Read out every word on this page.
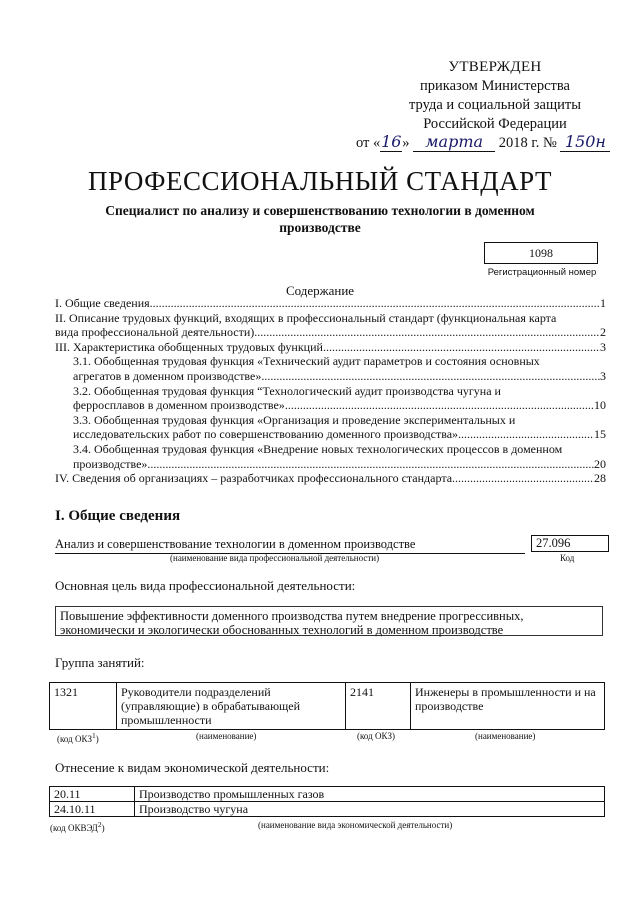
УТВЕРЖДЕН
приказом Министерства
труда и социальной защиты
Российской Федерации
от «16» марта 2018 г. № 150н
ПРОФЕССИОНАЛЬНЫЙ СТАНДАРТ
Специалист по анализу и совершенствованию технологии в доменном производстве
1098
Регистрационный номер
Содержание
I. Общие сведения .....	1
II. Описание трудовых функций, входящих в профессиональный стандарт (функциональная карта
вида профессиональной деятельности) .....	2
III. Характеристика обобщенных трудовых функций .....	3
3.1. Обобщенная трудовая функция «Технический аудит параметров и состояния основных
агрегатов в доменном производстве» .....	3
3.2. Обобщенная трудовая функция “Технологический аудит производства чугуна и
ферросплавов в доменном производстве» .....	10
3.3. Обобщенная трудовая функция «Организация и проведение экспериментальных и
исследовательских работ по совершенствованию доменного производства» .....	15
3.4. Обобщенная трудовая функция «Внедрение новых технологических процессов в доменном
производстве» .....	20
IV. Сведения об организациях – разработчиках профессионального стандарта .....	28
I. Общие сведения
Анализ и совершенствование технологии в доменном производстве	27.096
(наименование вида профессиональной деятельности)	Код
Основная цель вида профессиональной деятельности:
Повышение эффективности доменного производства путем внедрение прогрессивных, экономически и экологически обоснованных технологий в доменном производстве
Группа занятий:
1321	Руководители подразделений (управляющие) в обрабатывающей промышленности	2141	Инженеры в промышленности и на производстве
(код ОКЗ$^1$)	(наименование)	(код ОКЗ)	(наименование)
Отнесение к видам экономической деятельности:
20.11	Производство промышленных газов
24.10.11	Производство чугуна
(код ОКВЭД$^2$)	(наименование вида экономической деятельности)
